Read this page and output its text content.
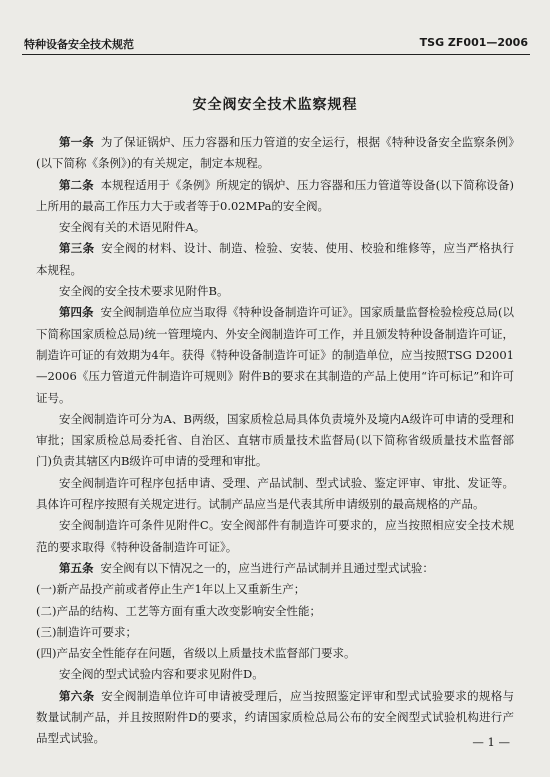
特种设备安全技术规范	TSG ZF001—2006
安全阀安全技术监察规程

第一条 为了保证锅炉、压力容器和压力管道的安全运行，根据《特种设备安全监察条例》(以下简称《条例》)的有关规定，制定本规程。

第二条 本规程适用于《条例》所规定的锅炉、压力容器和压力管道等设备(以下简称设备)上所用的最高工作压力大于或者等于0.02MPa的安全阀。

安全阀有关的术语见附件A。

第三条 安全阀的材料、设计、制造、检验、安装、使用、校验和维修等，应当严格执行本规程。

安全阀的安全技术要求见附件B。

第四条 安全阀制造单位应当取得《特种设备制造许可证》。国家质量监督检验检疫总局(以下简称国家质检总局)统一管理境内、外安全阀制造许可工作，并且颁发特种设备制造许可证，制造许可证的有效期为4年。获得《特种设备制造许可证》的制造单位，应当按照TSG D2001—2006《压力管道元件制造许可规则》附件B的要求在其制造的产品上使用“许可标记”和许可证号。

安全阀制造许可分为A、B两级，国家质检总局具体负责境外及境内A级许可申请的受理和审批；国家质检总局委托省、自治区、直辖市质量技术监督局(以下简称省级质量技术监督部门)负责其辖区内B级许可申请的受理和审批。

安全阀制造许可程序包括申请、受理、产品试制、型式试验、鉴定评审、审批、发证等。具体许可程序按照有关规定进行。试制产品应当是代表其所申请级别的最高规格的产品。

安全阀制造许可条件见附件C。安全阀部件有制造许可要求的，应当按照相应安全技术规范的要求取得《特种设备制造许可证》。

第五条 安全阀有以下情况之一的，应当进行产品试制并且通过型式试验：

(一)新产品投产前或者停止生产1年以上又重新生产；

(二)产品的结构、工艺等方面有重大改变影响安全性能；

(三)制造许可要求；

(四)产品安全性能存在问题，省级以上质量技术监督部门要求。

安全阀的型式试验内容和要求见附件D。

第六条 安全阀制造单位许可申请被受理后，应当按照鉴定评审和型式试验要求的规格与数量试制产品，并且按照附件D的要求，约请国家质检总局公布的安全阀型式试验机构进行产品型式试验。	— 1 —
